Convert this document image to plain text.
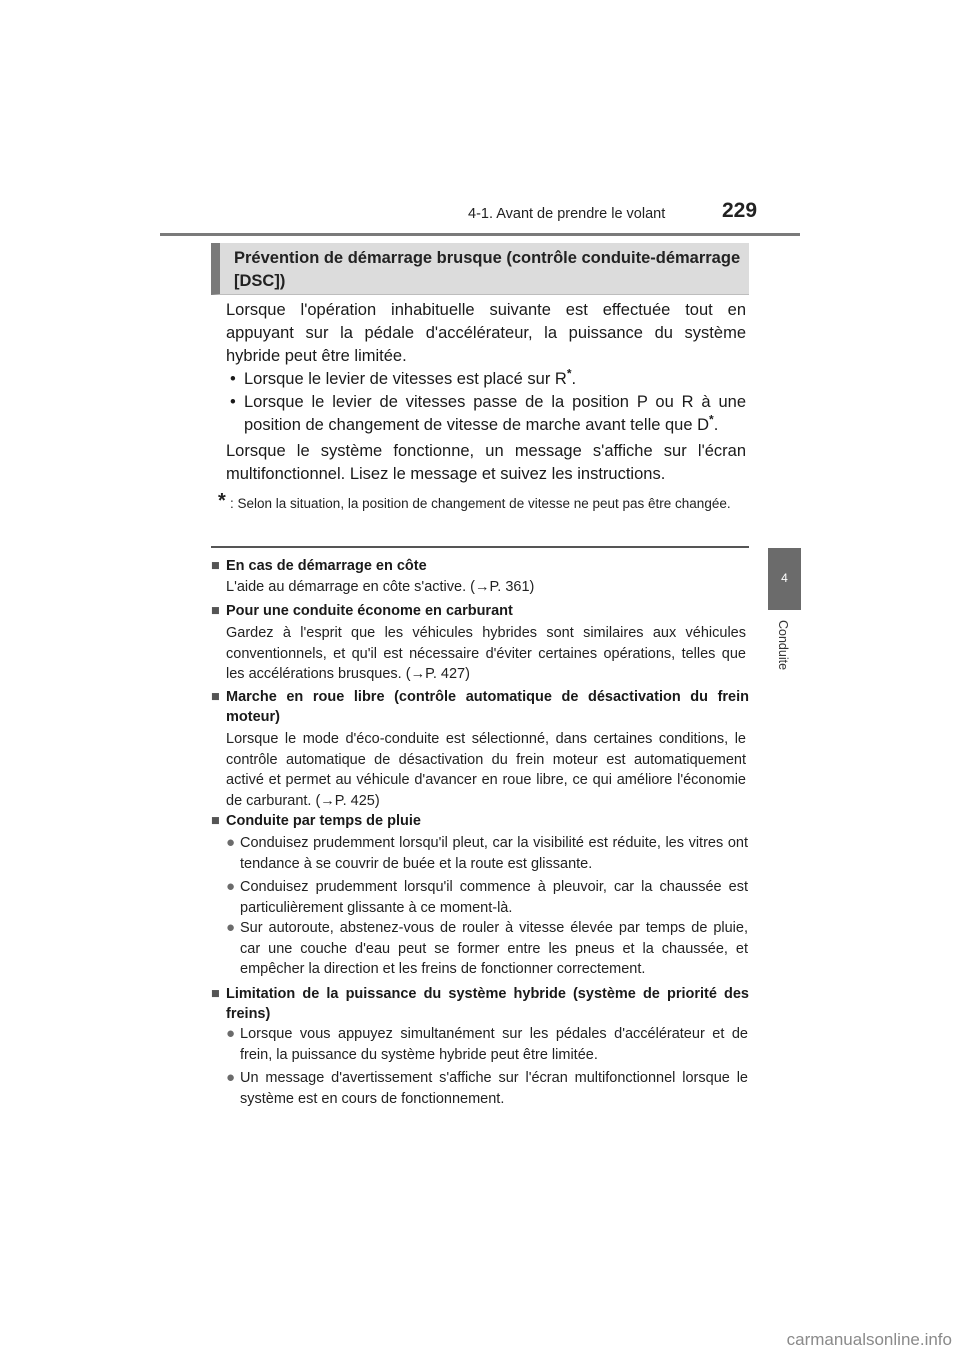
4-1. Avant de prendre le volant	229
4
Conduite
Prévention de démarrage brusque (contrôle conduite-démarrage [DSC])
Lorsque l'opération inhabituelle suivante est effectuée tout en appuyant sur la pédale d'accélérateur, la puissance du système hybride peut être limitée.
• Lorsque le levier de vitesses est placé sur R*.
• Lorsque le levier de vitesses passe de la position P ou R à une position de changement de vitesse de marche avant telle que D*.
Lorsque le système fonctionne, un message s'affiche sur l'écran multifonctionnel. Lisez le message et suivez les instructions.
* : Selon la situation, la position de changement de vitesse ne peut pas être changée.
■ En cas de démarrage en côte
L'aide au démarrage en côte s'active. (→P. 361)
■ Pour une conduite économe en carburant
Gardez à l'esprit que les véhicules hybrides sont similaires aux véhicules conventionnels, et qu'il est nécessaire d'éviter certaines opérations, telles que les accélérations brusques. (→P. 427)
■ Marche en roue libre (contrôle automatique de désactivation du frein moteur)
Lorsque le mode d'éco-conduite est sélectionné, dans certaines conditions, le contrôle automatique de désactivation du frein moteur est automatiquement activé et permet au véhicule d'avancer en roue libre, ce qui améliore l'économie de carburant. (→P. 425)
■ Conduite par temps de pluie
● Conduisez prudemment lorsqu'il pleut, car la visibilité est réduite, les vitres ont tendance à se couvrir de buée et la route est glissante.
● Conduisez prudemment lorsqu'il commence à pleuvoir, car la chaussée est particulièrement glissante à ce moment-là.
● Sur autoroute, abstenez-vous de rouler à vitesse élevée par temps de pluie, car une couche d'eau peut se former entre les pneus et la chaussée, et empêcher la direction et les freins de fonctionner correctement.
■ Limitation de la puissance du système hybride (système de priorité des freins)
● Lorsque vous appuyez simultanément sur les pédales d'accélérateur et de frein, la puissance du système hybride peut être limitée.
● Un message d'avertissement s'affiche sur l'écran multifonctionnel lorsque le système est en cours de fonctionnement.
carmanualsonline.info
